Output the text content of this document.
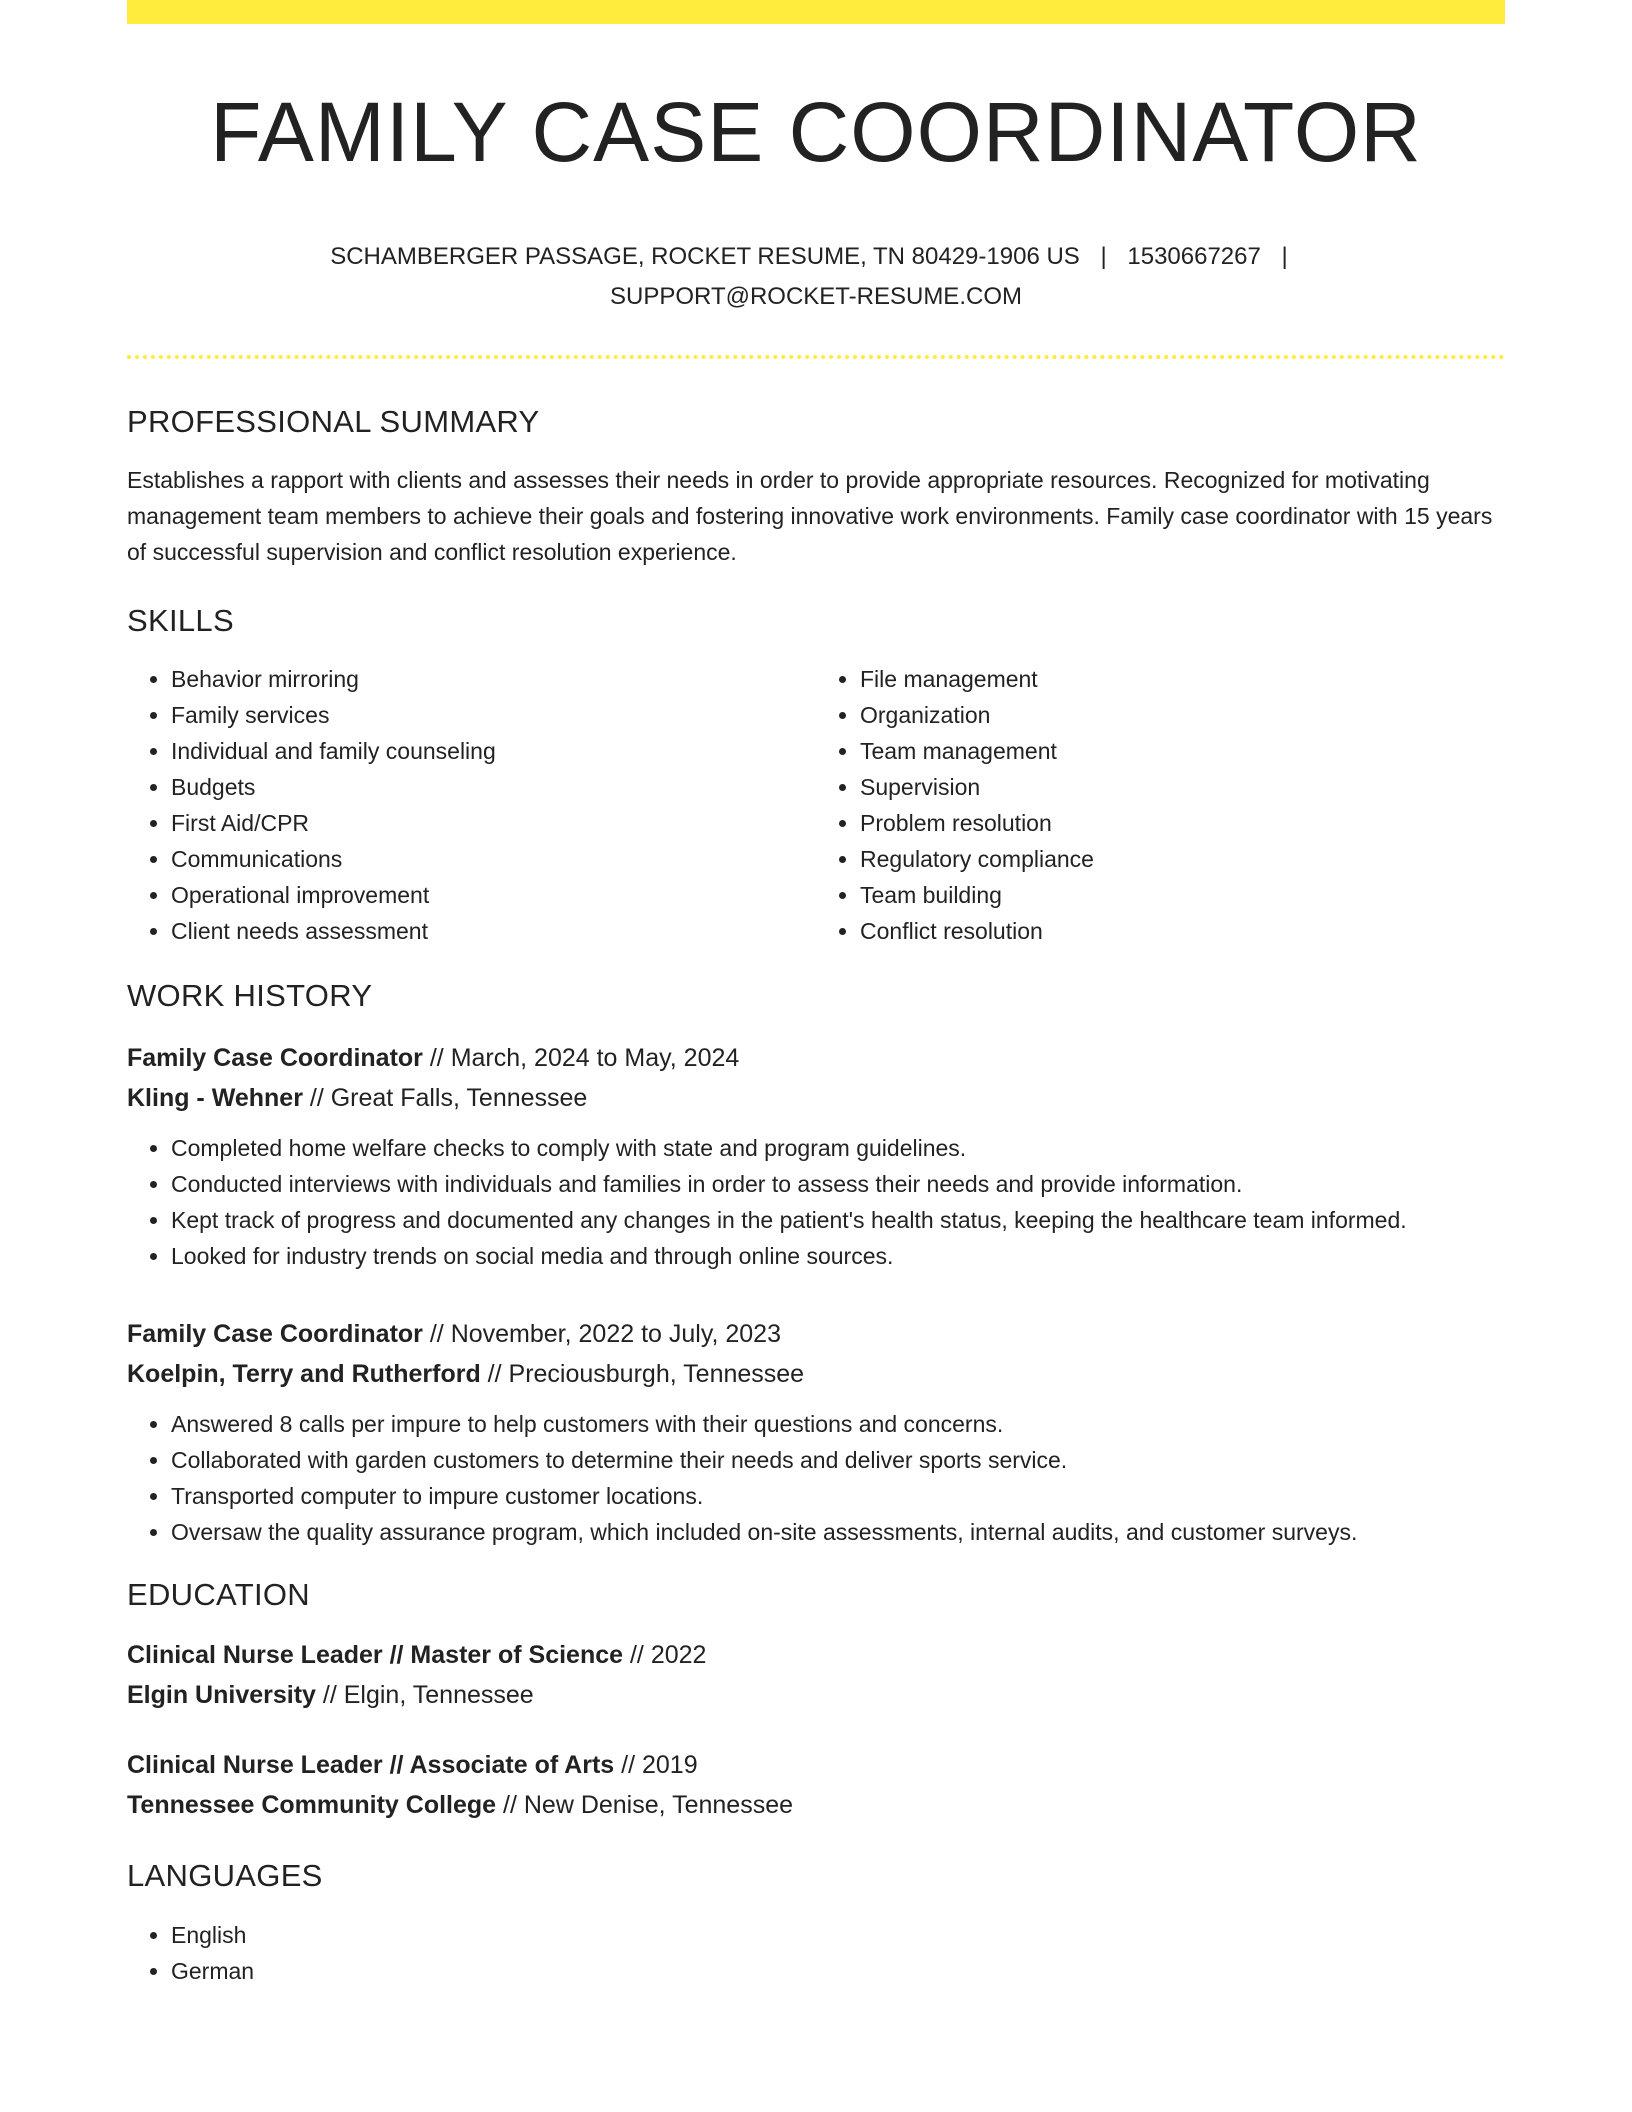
FAMILY CASE COORDINATOR
SCHAMBERGER PASSAGE, ROCKET RESUME, TN 80429-1906 US | 1530667267 |
SUPPORT@ROCKET-RESUME.COM
PROFESSIONAL SUMMARY

Establishes a rapport with clients and assesses their needs in order to provide appropriate resources. Recognized for motivating management team members to achieve their goals and fostering innovative work environments. Family case coordinator with 15 years of successful supervision and conflict resolution experience.

SKILLS
• Behavior mirroring
• Family services
• Individual and family counseling
• Budgets
• First Aid/CPR
• Communications
• Operational improvement
• Client needs assessment
• File management
• Organization
• Team management
• Supervision
• Problem resolution
• Regulatory compliance
• Team building
• Conflict resolution
WORK HISTORY
Family Case Coordinator // March, 2024 to May, 2024
Kling - Wehner // Great Falls, Tennessee
• Completed home welfare checks to comply with state and program guidelines.
• Conducted interviews with individuals and families in order to assess their needs and provide information.
• Kept track of progress and documented any changes in the patient's health status, keeping the healthcare team informed.
• Looked for industry trends on social media and through online sources.
Family Case Coordinator // November, 2022 to July, 2023
Koelpin, Terry and Rutherford // Preciousburgh, Tennessee
• Answered 8 calls per impure to help customers with their questions and concerns.
• Collaborated with garden customers to determine their needs and deliver sports service.
• Transported computer to impure customer locations.
• Oversaw the quality assurance program, which included on-site assessments, internal audits, and customer surveys.
EDUCATION
Clinical Nurse Leader // Master of Science // 2022
Elgin University // Elgin, Tennessee
Clinical Nurse Leader // Associate of Arts // 2019
Tennessee Community College // New Denise, Tennessee
LANGUAGES
• English
• German
